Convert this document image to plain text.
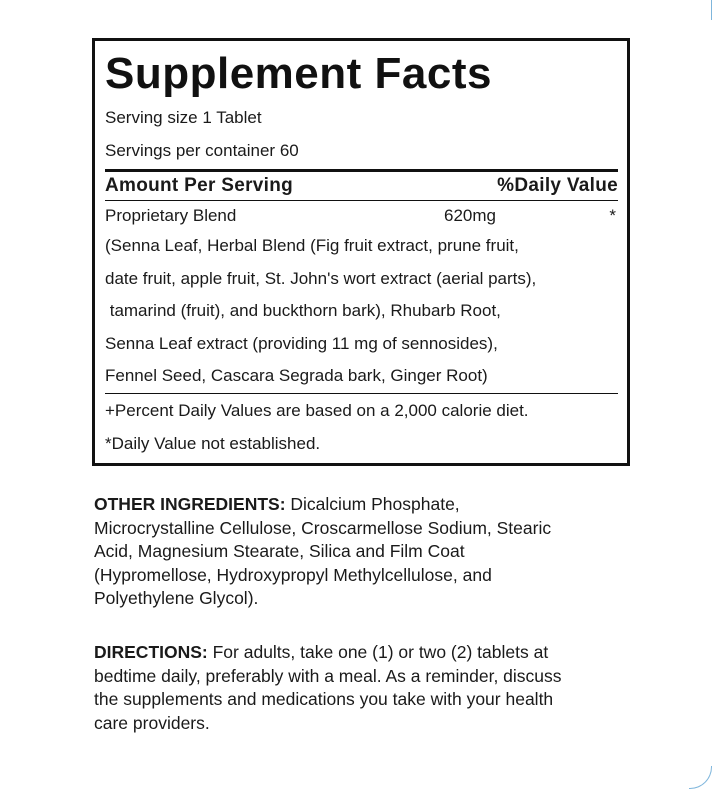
Supplement Facts
Serving size 1 Tablet
Servings per container 60
Amount Per Serving	%Daily Value
Proprietary Blend	620mg	*
(Senna Leaf, Herbal Blend (Fig fruit extract, prune fruit,
date fruit, apple fruit, St. John's wort extract (aerial parts),
tamarind (fruit), and buckthorn bark), Rhubarb Root,
Senna Leaf extract (providing 11 mg of sennosides),
Fennel Seed, Cascara Segrada bark, Ginger Root)
+Percent Daily Values are based on a 2,000 calorie diet.
*Daily Value not established.
OTHER INGREDIENTS: Dicalcium Phosphate,
Microcrystalline Cellulose, Croscarmellose Sodium, Stearic
Acid, Magnesium Stearate, Silica and Film Coat
(Hypromellose, Hydroxypropyl Methylcellulose, and
Polyethylene Glycol).
DIRECTIONS: For adults, take one (1) or two (2) tablets at
bedtime daily, preferably with a meal. As a reminder, discuss
the supplements and medications you take with your health
care providers.
